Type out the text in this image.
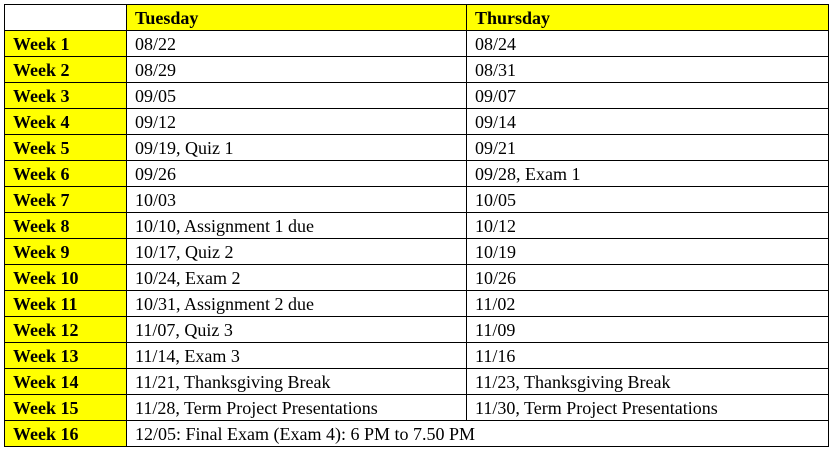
	Tuesday	Thursday
Week 1	08/22	08/24
Week 2	08/29	08/31
Week 3	09/05	09/07
Week 4	09/12	09/14
Week 5	09/19, Quiz 1	09/21
Week 6	09/26	09/28, Exam 1
Week 7	10/03	10/05
Week 8	10/10, Assignment 1 due	10/12
Week 9	10/17, Quiz 2	10/19
Week 10	10/24, Exam 2	10/26
Week 11	10/31, Assignment 2 due	11/02
Week 12	11/07, Quiz 3	11/09
Week 13	11/14, Exam 3	11/16
Week 14	11/21, Thanksgiving Break	11/23, Thanksgiving Break
Week 15	11/28, Term Project Presentations	11/30, Term Project Presentations
Week 16	12/05: Final Exam (Exam 4): 6 PM to 7.50 PM	
